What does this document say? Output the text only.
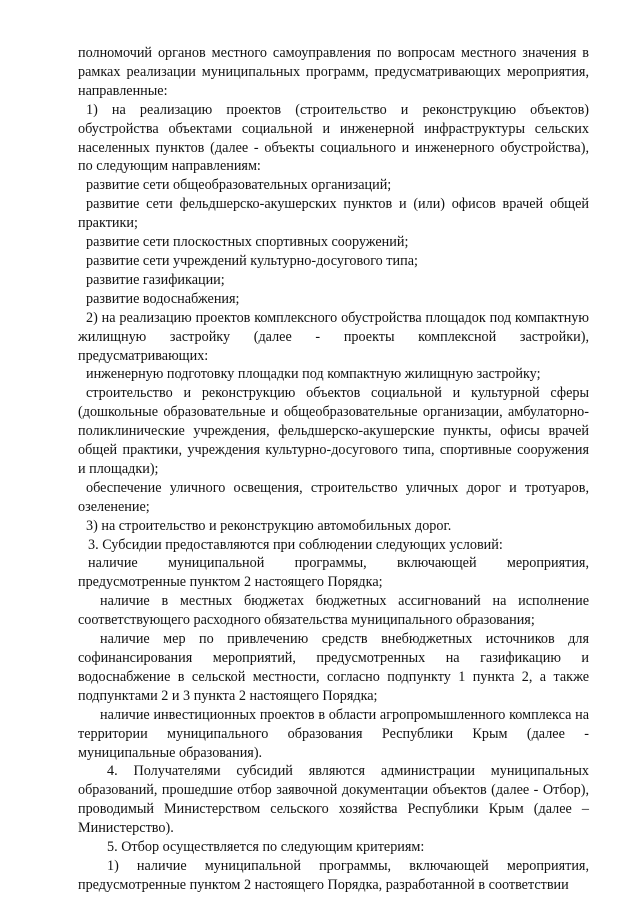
полномочий органов местного самоуправления по вопросам местного значения в рамках реализации муниципальных программ, предусматривающих мероприятия, направленные:

1) на реализацию проектов (строительство и реконструкцию объектов) обустройства объектами социальной и инженерной инфраструктуры сельских населенных пунктов (далее - объекты социального и инженерного обустройства), по следующим направлениям:

развитие сети общеобразовательных организаций;

развитие сети фельдшерско-акушерских пунктов и (или) офисов врачей общей практики;

развитие сети плоскостных спортивных сооружений;

развитие сети учреждений культурно-досугового типа;

развитие газификации;

развитие водоснабжения;

2) на реализацию проектов комплексного обустройства площадок под компактную жилищную застройку (далее - проекты комплексной застройки), предусматривающих:

инженерную подготовку площадки под компактную жилищную застройку;

строительство и реконструкцию объектов социальной и культурной сферы (дошкольные образовательные и общеобразовательные организации, амбулаторно-поликлинические учреждения, фельдшерско-акушерские пункты, офисы врачей общей практики, учреждения культурно-досугового типа, спортивные сооружения и площадки);

обеспечение уличного освещения, строительство уличных дорог и тротуаров, озеленение;

3) на строительство и реконструкцию автомобильных дорог.

3. Субсидии предоставляются при соблюдении следующих условий:

наличие муниципальной программы, включающей мероприятия, предусмотренные пунктом 2 настоящего Порядка;

наличие в местных бюджетах бюджетных ассигнований на исполнение соответствующего расходного обязательства муниципального образования;

наличие мер по привлечению средств внебюджетных источников для софинансирования мероприятий, предусмотренных на газификацию и водоснабжение в сельской местности, согласно подпункту 1 пункта 2, а также подпунктами 2 и 3 пункта 2 настоящего Порядка;

наличие инвестиционных проектов в области агропромышленного комплекса на территории муниципального образования Республики Крым (далее - муниципальные образования).

4. Получателями субсидий являются администрации муниципальных образований, прошедшие отбор заявочной документации объектов (далее - Отбор), проводимый Министерством сельского хозяйства Республики Крым (далее – Министерство).

5. Отбор осуществляется по следующим критериям:

1) наличие муниципальной программы, включающей мероприятия, предусмотренные пунктом 2 настоящего Порядка, разработанной в соответствии
